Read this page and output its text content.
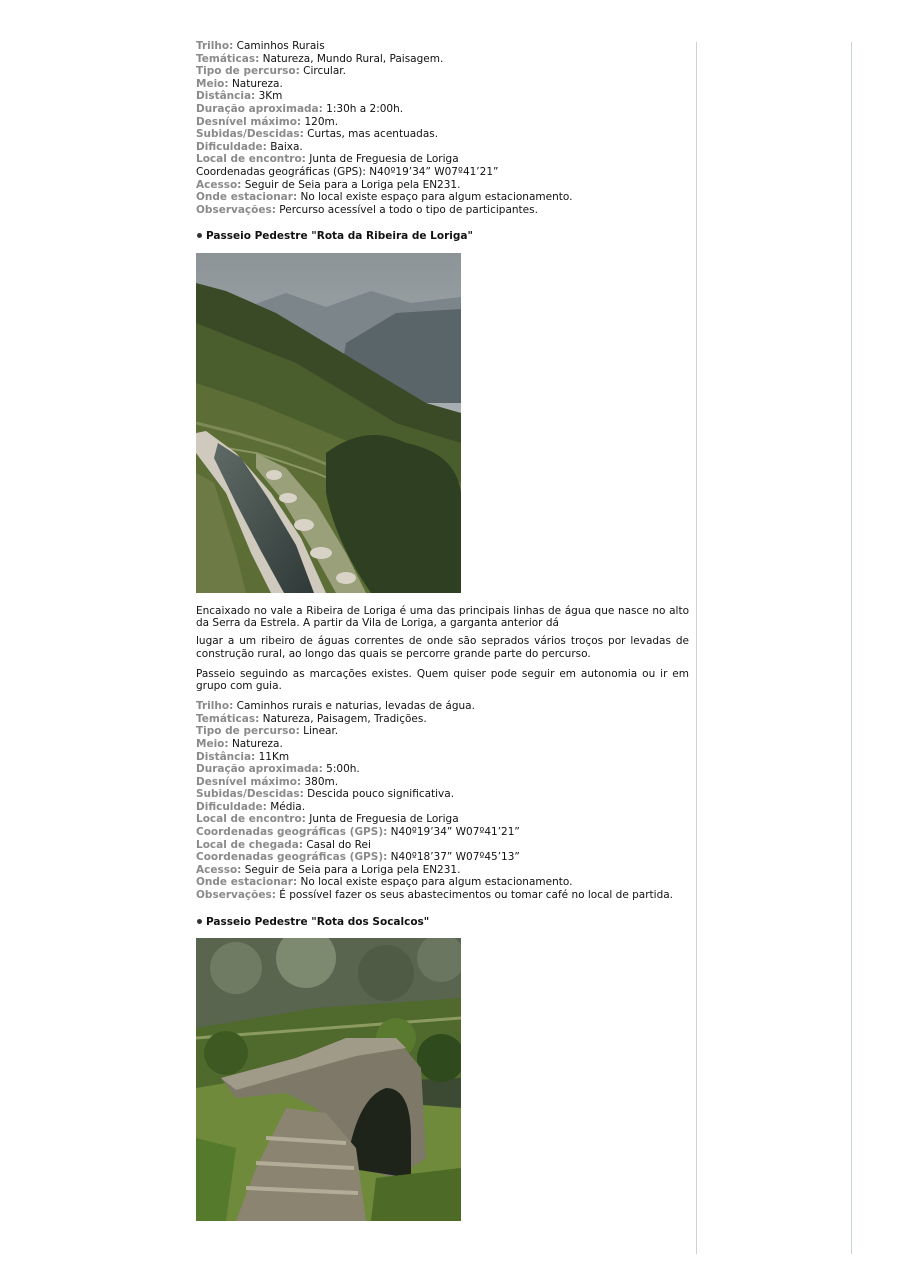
Trilho: Caminhos Rurais

Temáticas: Natureza, Mundo Rural, Paisagem.

Tipo de percurso: Circular.

Meio: Natureza.

Distância: 3Km

Duração aproximada: 1:30h a 2:00h.

Desnível máximo: 120m.

Subidas/Descidas: Curtas, mas acentuadas.

Dificuldade: Baixa.

Local de encontro: Junta de Freguesia de Loriga

Coordenadas geográficas (GPS): N40º19’34” W07º41’21”

Acesso: Seguir de Seia para a Loriga pela EN231.

Onde estacionar: No local existe espaço para algum estacionamento.

Observações: Percurso acessível a todo o tipo de participantes.

Passeio Pedestre "Rota da Ribeira de Loriga"

Encaixado no vale a Ribeira de Loriga é uma das principais linhas de água que nasce no alto da Serra da Estrela. A partir da Vila de Loriga, a garganta anterior dá

lugar a um ribeiro de águas correntes de onde são seprados vários troços por levadas de construção rural, ao longo das quais se percorre grande parte do percurso.

Passeio seguindo as marcações existes. Quem quiser pode seguir em autonomia ou ir em grupo com guia.

Trilho: Caminhos rurais e naturias, levadas de água.

Temáticas: Natureza, Paisagem, Tradições.

Tipo de percurso: Linear.

Meio: Natureza.

Distância: 11Km

Duração aproximada: 5:00h.

Desnível máximo: 380m.

Subidas/Descidas: Descida pouco significativa.

Dificuldade: Média.

Local de encontro: Junta de Freguesia de Loriga

Coordenadas geográficas (GPS): N40º19’34” W07º41’21”

Local de chegada: Casal do Rei

Coordenadas geográficas (GPS): N40º18’37” W07º45’13”

Acesso: Seguir de Seia para a Loriga pela EN231.

Onde estacionar: No local existe espaço para algum estacionamento.

Observações: É possível fazer os seus abastecimentos ou tomar café no local de partida.

Passeio Pedestre "Rota dos Socalcos"
